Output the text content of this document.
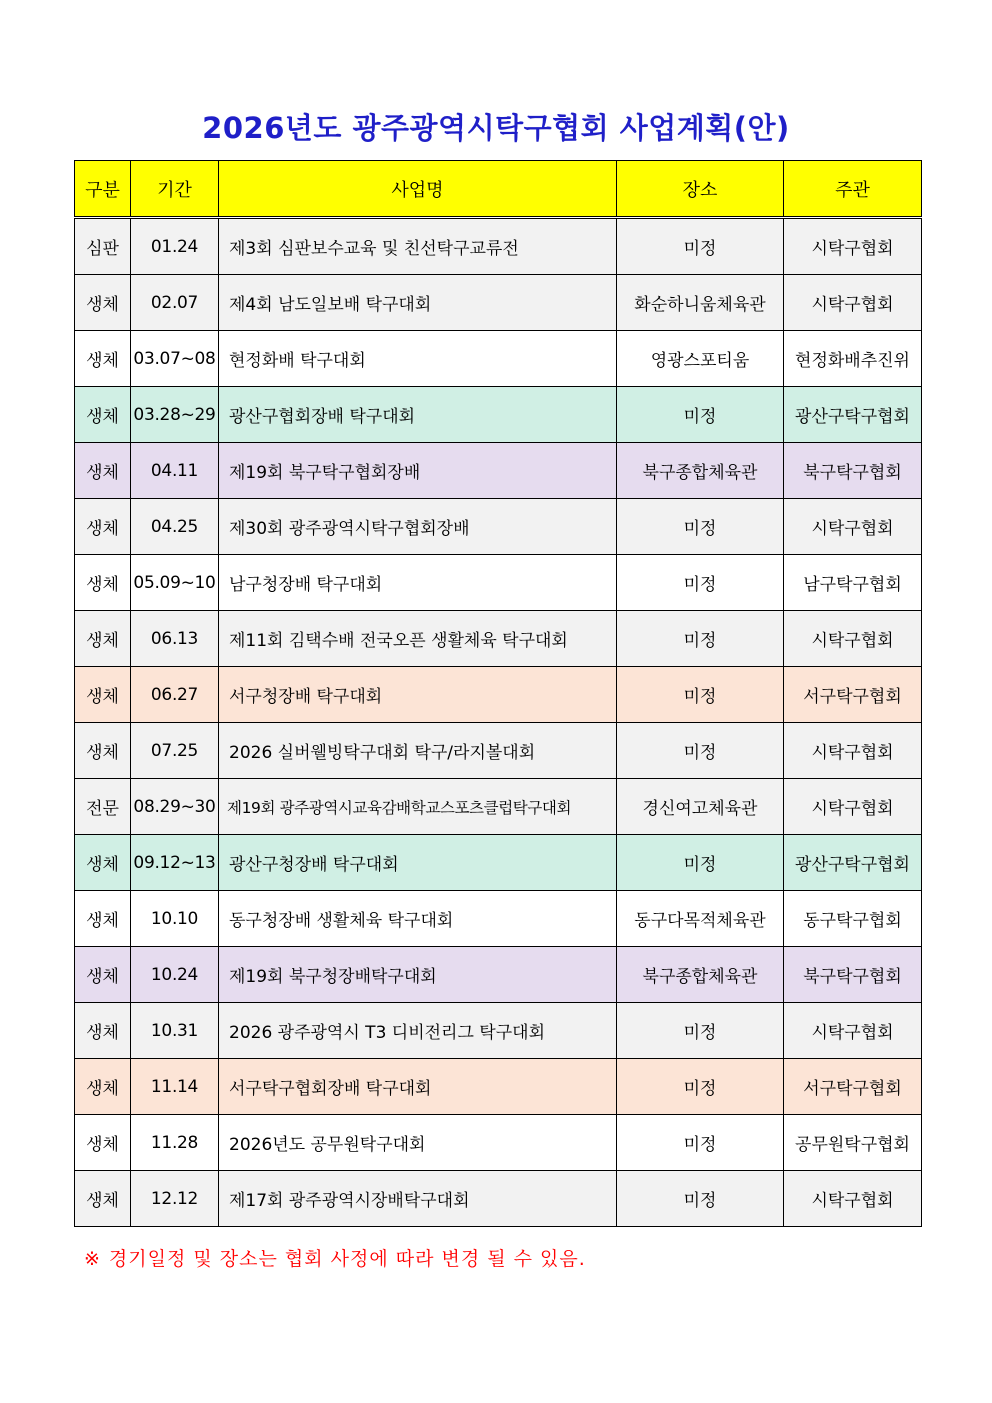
2026년도 광주광역시탁구협회 사업계획(안)
구분	기간	사업명	장소	주관
심판	01.24	제3회 심판보수교육 및 친선탁구교류전	미정	시탁구협회
생체	02.07	제4회 남도일보배 탁구대회	화순하니움체육관	시탁구협회
생체	03.07~08	현정화배 탁구대회	영광스포티움	현정화배추진위
생체	03.28~29	광산구협회장배 탁구대회	미정	광산구탁구협회
생체	04.11	제19회 북구탁구협회장배	북구종합체육관	북구탁구협회
생체	04.25	제30회 광주광역시탁구협회장배	미정	시탁구협회
생체	05.09~10	남구청장배 탁구대회	미정	남구탁구협회
생체	06.13	제11회 김택수배 전국오픈 생활체육 탁구대회	미정	시탁구협회
생체	06.27	서구청장배 탁구대회	미정	서구탁구협회
생체	07.25	2026 실버웰빙탁구대회 탁구/라지볼대회	미정	시탁구협회
전문	08.29~30	제19회 광주광역시교육감배학교스포츠클럽탁구대회	경신여고체육관	시탁구협회
생체	09.12~13	광산구청장배 탁구대회	미정	광산구탁구협회
생체	10.10	동구청장배 생활체육 탁구대회	동구다목적체육관	동구탁구협회
생체	10.24	제19회 북구청장배탁구대회	북구종합체육관	북구탁구협회
생체	10.31	2026 광주광역시 T3 디비전리그 탁구대회	미정	시탁구협회
생체	11.14	서구탁구협회장배 탁구대회	미정	서구탁구협회
생체	11.28	2026년도 공무원탁구대회	미정	공무원탁구협회
생체	12.12	제17회 광주광역시장배탁구대회	미정	시탁구협회
※ 경기일정 및 장소는 협회 사정에 따라 변경 될 수 있음.
